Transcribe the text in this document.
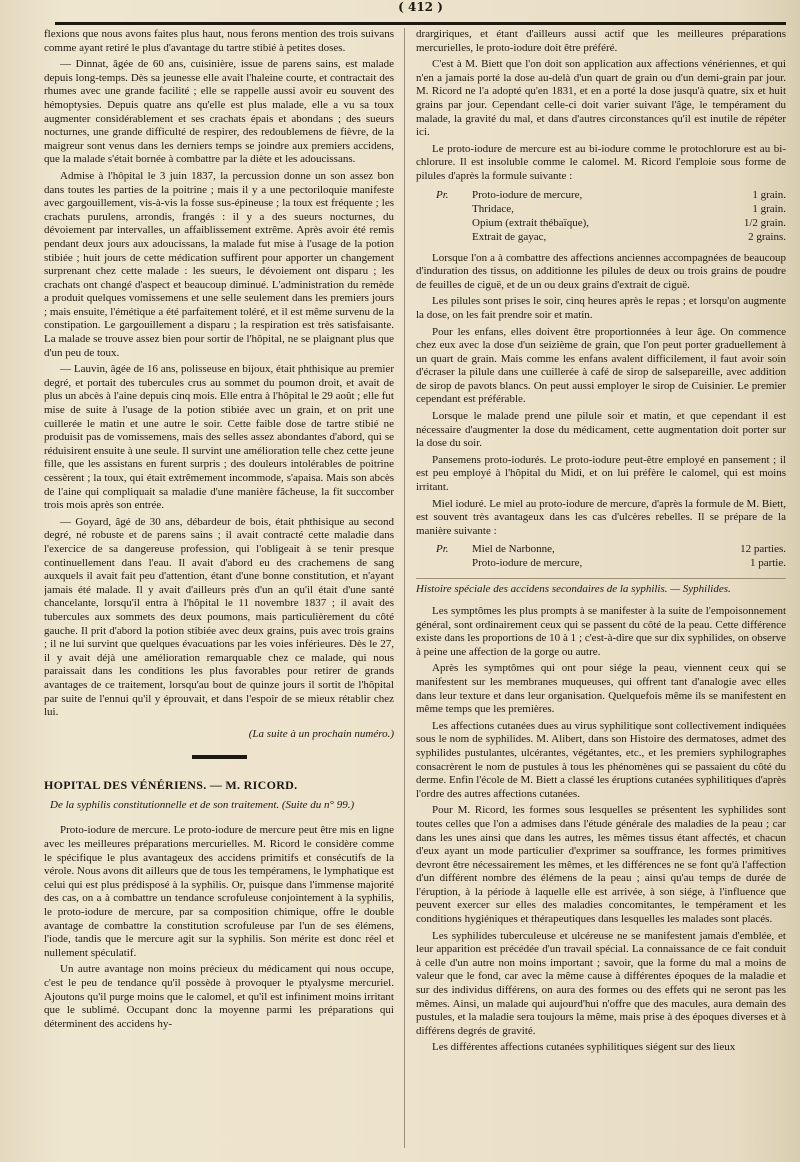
( 412 )

flexions que nous avons faites plus haut, nous ferons mention des trois suivans comme ayant retiré le plus d'avantage du tartre stibié à petites doses.

— Dinnat, âgée de 60 ans, cuisinière, issue de parens sains, est malade depuis long-temps. Dès sa jeunesse elle avait l'haleine courte, et contractait des rhumes avec une grande facilité ; elle se rappelle aussi avoir eu souvent des hémoptysies. Depuis quatre ans qu'elle est plus malade, elle a vu sa toux augmenter considérablement et ses crachats épais et abondans ; des sueurs nocturnes, une grande difficulté de respirer, des redoublemens de fièvre, de la maigreur sont venus dans les derniers temps se joindre aux premiers accidens, que la malade s'était bornée à combattre par la diète et les adoucissans.

Admise à l'hôpital le 3 juin 1837, la percussion donne un son assez bon dans toutes les parties de la poitrine ; mais il y a une pectoriloquie manifeste avec gargouillement, vis-à-vis la fosse sus-épineuse ; la toux est fréquente ; les crachats purulens, arrondis, frangés : il y a des sueurs nocturnes, du dévoiement par intervalles, un affaiblissement extrême. Après avoir été remis pendant deux jours aux adoucissans, la malade fut mise à l'usage de la potion stibiée ; huit jours de cette médication suffirent pour apporter un changement surprenant chez cette malade : les sueurs, le dévoiement ont disparu ; les crachats ont changé d'aspect et beaucoup diminué. L'administration du remède a produit quelques vomissemens et une selle seulement dans les premiers jours ; mais ensuite, l'émétique a été parfaitement toléré, et il est même survenu de la constipation. Le gargouillement a disparu ; la respiration est très satisfaisante. La malade se trouve assez bien pour sortir de l'hôpital, ne se plaignant plus que d'un peu de toux.

— Lauvin, âgée de 16 ans, polisseuse en bijoux, était phthisique au premier degré, et portait des tubercules crus au sommet du poumon droit, et avait de plus un abcès à l'aine depuis cinq mois. Elle entra à l'hôpital le 29 août ; elle fut mise de suite à l'usage de la potion stibiée avec un grain, et on prit une cuillerée le matin et une autre le soir. Cette faible dose de tartre stibié ne produisit pas de vomissemens, mais des selles assez abondantes d'abord, qui se réduisirent ensuite à une seule. Il survint une amélioration telle chez cette jeune fille, que les assistans en furent surpris ; des douleurs intolérables de poitrine cessèrent ; la toux, qui était extrêmement incommode, s'apaisa. Mais son abcès de l'aine qui compliquait sa maladie d'une manière fâcheuse, la fit succomber trois mois après son entrée.

— Goyard, âgé de 30 ans, débardeur de bois, était phthisique au second degré, né robuste et de parens sains ; il avait contracté cette maladie dans l'exercice de sa dangereuse profession, qui l'obligeait à se tenir presque continuellement dans l'eau. Il avait d'abord eu des crachemens de sang auxquels il avait fait peu d'attention, étant d'une bonne constitution, et n'ayant jamais été malade. Il y avait d'ailleurs près d'un an qu'il était d'une santé chancelante, lorsqu'il entra à l'hôpital le 11 novembre 1837 ; il avait des tubercules aux sommets des deux poumons, mais particulièrement du côté gauche. Il prit d'abord la potion stibiée avec deux grains, puis avec trois grains ; il ne lui survint que quelques évacuations par les voies inférieures. Dès le 27, il y avait déjà une amélioration remarquable chez ce malade, qui nous paraissait dans les conditions les plus favorables pour retirer de grands avantages de ce traitement, lorsqu'au bout de quinze jours il sortit de l'hôpital par suite de l'ennui qu'il y éprouvait, et dans l'espoir de se mieux rétablir chez lui.

(La suite à un prochain numéro.)
HOPITAL DES VÉNÉRIENS. — M. RICORD.

De la syphilis constitutionnelle et de son traitement. (Suite du n° 99.)

Proto-iodure de mercure. Le proto-iodure de mercure peut être mis en ligne avec les meilleures préparations mercurielles. M. Ricord le considère comme le spécifique le plus avantageux des accidens primitifs et consécutifs de la vérole. Nous avons dit ailleurs que de tous les tempéramens, le lymphatique est celui qui est plus prédisposé à la syphilis. Or, puisque dans l'immense majorité des cas, on a à combattre un tendance scrofuleuse conjointement à la syphilis, le proto-iodure de mercure, par sa composition chimique, offre le double avantage de combattre la constitution scrofuleuse par l'un de ses élémens, l'iode, tandis que le mercure agit sur la syphilis. Son mérite est donc réel et nullement spéculatif.

Un autre avantage non moins précieux du médicament qui nous occupe, c'est le peu de tendance qu'il possède à provoquer le ptyalysme mercuriel. Ajoutons qu'il purge moins que le calomel, et qu'il est infiniment moins irritant que le sublimé. Occupant donc la moyenne parmi les préparations qui déterminent des accidens hy-

drargiriques, et étant d'ailleurs aussi actif que les meilleures préparations mercurielles, le proto-iodure doit être préféré.

C'est à M. Biett que l'on doit son application aux affections vénériennes, et qui n'en a jamais porté la dose au-delà d'un quart de grain ou d'un demi-grain par jour. M. Ricord ne l'a adopté qu'en 1831, et en a porté la dose jusqu'à quatre, six et huit grains par jour. Cependant celle-ci doit varier suivant l'âge, le tempérament du malade, la gravité du mal, et dans d'autres circonstances qu'il est inutile de répéter ici.

Le proto-iodure de mercure est au bi-iodure comme le protochlorure est au bi-chlorure. Il est insoluble comme le calomel. M. Ricord l'emploie sous forme de pilules d'après la formule suivante :

Pr. Proto-iodure de mercure,	1 grain.
Thridace,	1 grain.
Opium (extrait thébaïque),	1/2 grain.
Extrait de gayac,	2 grains.

Lorsque l'on a à combattre des affections anciennes accompagnées de beaucoup d'induration des tissus, on additionne les pilules de deux ou trois grains de poudre de feuilles de ciguë, et de un ou deux grains d'extrait de ciguë.

Les pilules sont prises le soir, cinq heures après le repas ; et lorsqu'on augmente la dose, on les fait prendre soir et matin.

Pour les enfans, elles doivent être proportionnées à leur âge. On commence chez eux avec la dose d'un seizième de grain, que l'on peut porter graduellement à un quart de grain. Mais comme les enfans avalent difficilement, il faut avoir soin d'écraser la pilule dans une cuillerée à café de sirop de salsepareille, avec addition de sirop de pavots blancs. On peut aussi employer le sirop de Cuisinier. Le premier cependant est préférable.

Lorsque le malade prend une pilule soir et matin, et que cependant il est nécessaire d'augmenter la dose du médicament, cette augmentation doit porter sur la dose du soir.

Pansemens proto-iodurés. Le proto-iodure peut-être employé en pansement ; il est peu employé à l'hôpital du Midi, et on lui préfère le calomel, qui est moins irritant.

Miel ioduré. Le miel au proto-iodure de mercure, d'après la formule de M. Biett, est souvent très avantageux dans les cas d'ulcères rebelles. Il se prépare de la manière suivante :

Pr. Miel de Narbonne,	12 parties.
Proto-iodure de mercure,	1 partie.

Histoire spéciale des accidens secondaires de la syphilis. — Syphilides.

Les symptômes les plus prompts à se manifester à la suite de l'empoisonnement général, sont ordinairement ceux qui se passent du côté de la peau. Cette différence existe dans les proportions de 10 à 1 ; c'est-à-dire que sur dix syphilides, on observe à peine une affection de la gorge ou autre.

Après les symptômes qui ont pour siége la peau, viennent ceux qui se manifestent sur les membranes muqueuses, qui offrent tant d'analogie avec elles dans leur texture et dans leur organisation. Quelquefois même ils se manifestent en même temps que les premières.

Les affections cutanées dues au virus syphilitique sont collectivement indiquées sous le nom de syphilides. M. Alibert, dans son Histoire des dermatoses, admet des syphilides pustulantes, ulcérantes, végétantes, etc., et les premiers syphilographes consacrèrent le nom de pustules à tous les phénomènes qui se passaient du côté du derme. Enfin l'école de M. Biett a classé les éruptions cutanées syphilitiques d'après l'ordre des autres affections cutanées.

Pour M. Ricord, les formes sous lesquelles se présentent les syphilides sont toutes celles que l'on a admises dans l'étude générale des maladies de la peau ; car dans les unes ainsi que dans les autres, les mêmes tissus étant affectés, et chacun d'eux ayant un mode particulier d'exprimer sa souffrance, les formes primitives devront être nécessairement les mêmes, et les différences ne se font qu'à l'affection d'un différent nombre des élémens de la peau ; ainsi qu'au temps de durée de l'éruption, à la période à laquelle elle est arrivée, à son siége, à l'influence que peuvent exercer sur elles des maladies concomitantes, le tempérament et les conditions hygiéniques et thérapeutiques dans lesquelles les malades sont placés.

Les syphilides tuberculeuse et ulcéreuse ne se manifestent jamais d'emblée, et leur apparition est précédée d'un travail spécial. La connaissance de ce fait conduit à celle d'un autre non moins important ; savoir, que la forme du mal a moins de valeur que le fond, car avec la même cause à différentes époques de la maladie et sur des individus différens, on aura des formes ou des effets qui ne seront pas les mêmes. Ainsi, un malade qui aujourd'hui n'offre que des macules, aura demain des pustules, et la maladie sera toujours la même, mais prise à des époques diverses et à différens degrés de gravité.

Les différentes affections cutanées syphilitiques siégent sur des lieux
